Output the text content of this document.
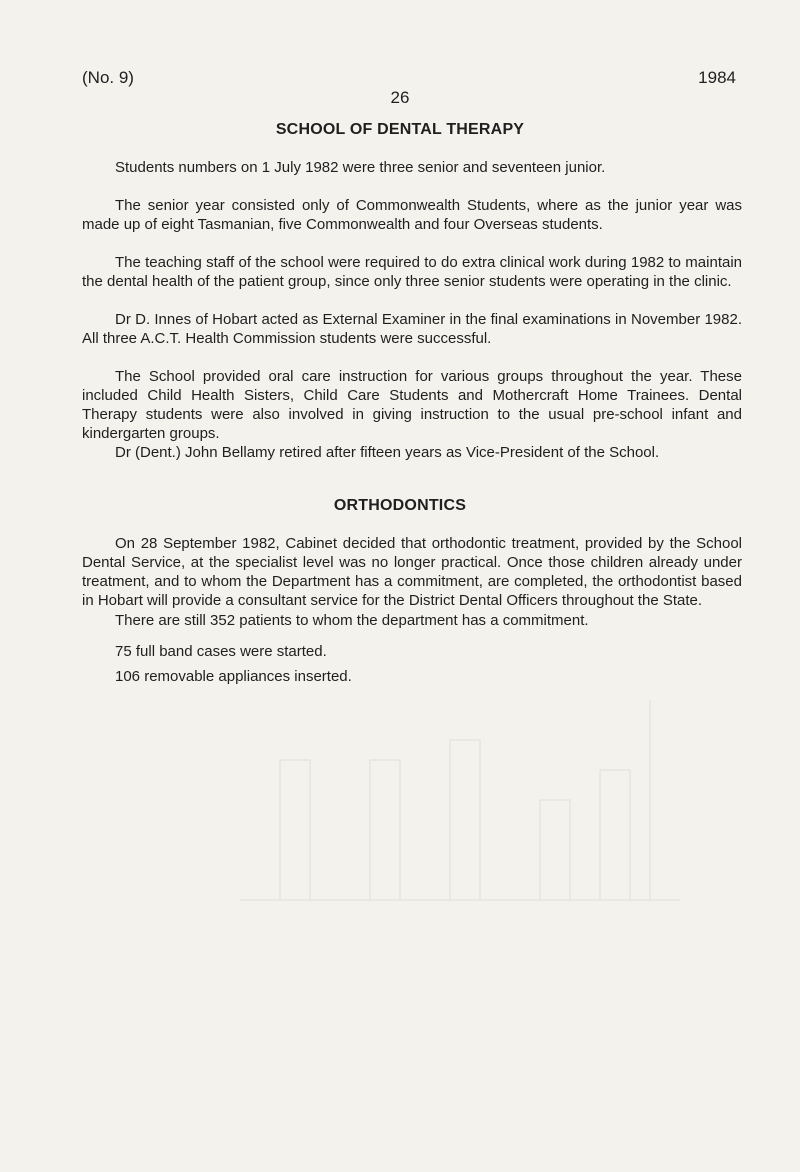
(No. 9)	1984
26
SCHOOL OF DENTAL THERAPY

Students numbers on 1 July 1982 were three senior and seventeen junior.

The senior year consisted only of Commonwealth Students, where as the junior year was made up of eight Tasmanian, five Commonwealth and four Overseas students.

The teaching staff of the school were required to do extra clinical work during 1982 to maintain the dental health of the patient group, since only three senior students were operating in the clinic.

Dr D. Innes of Hobart acted as External Examiner in the final examinations in November 1982. All three A.C.T. Health Commission students were successful.

The School provided oral care instruction for various groups throughout the year. These included Child Health Sisters, Child Care Students and Mothercraft Home Trainees. Dental Therapy students were also involved in giving instruction to the usual pre-school infant and kindergarten groups.

Dr (Dent.) John Bellamy retired after fifteen years as Vice-President of the School.

ORTHODONTICS

On 28 September 1982, Cabinet decided that orthodontic treatment, provided by the School Dental Service, at the specialist level was no longer practical. Once those children already under treatment, and to whom the Department has a commitment, are completed, the orthodontist based in Hobart will provide a consultant service for the District Dental Officers throughout the State.

There are still 352 patients to whom the department has a commitment.

75 full band cases were started.
106 removable appliances inserted.
